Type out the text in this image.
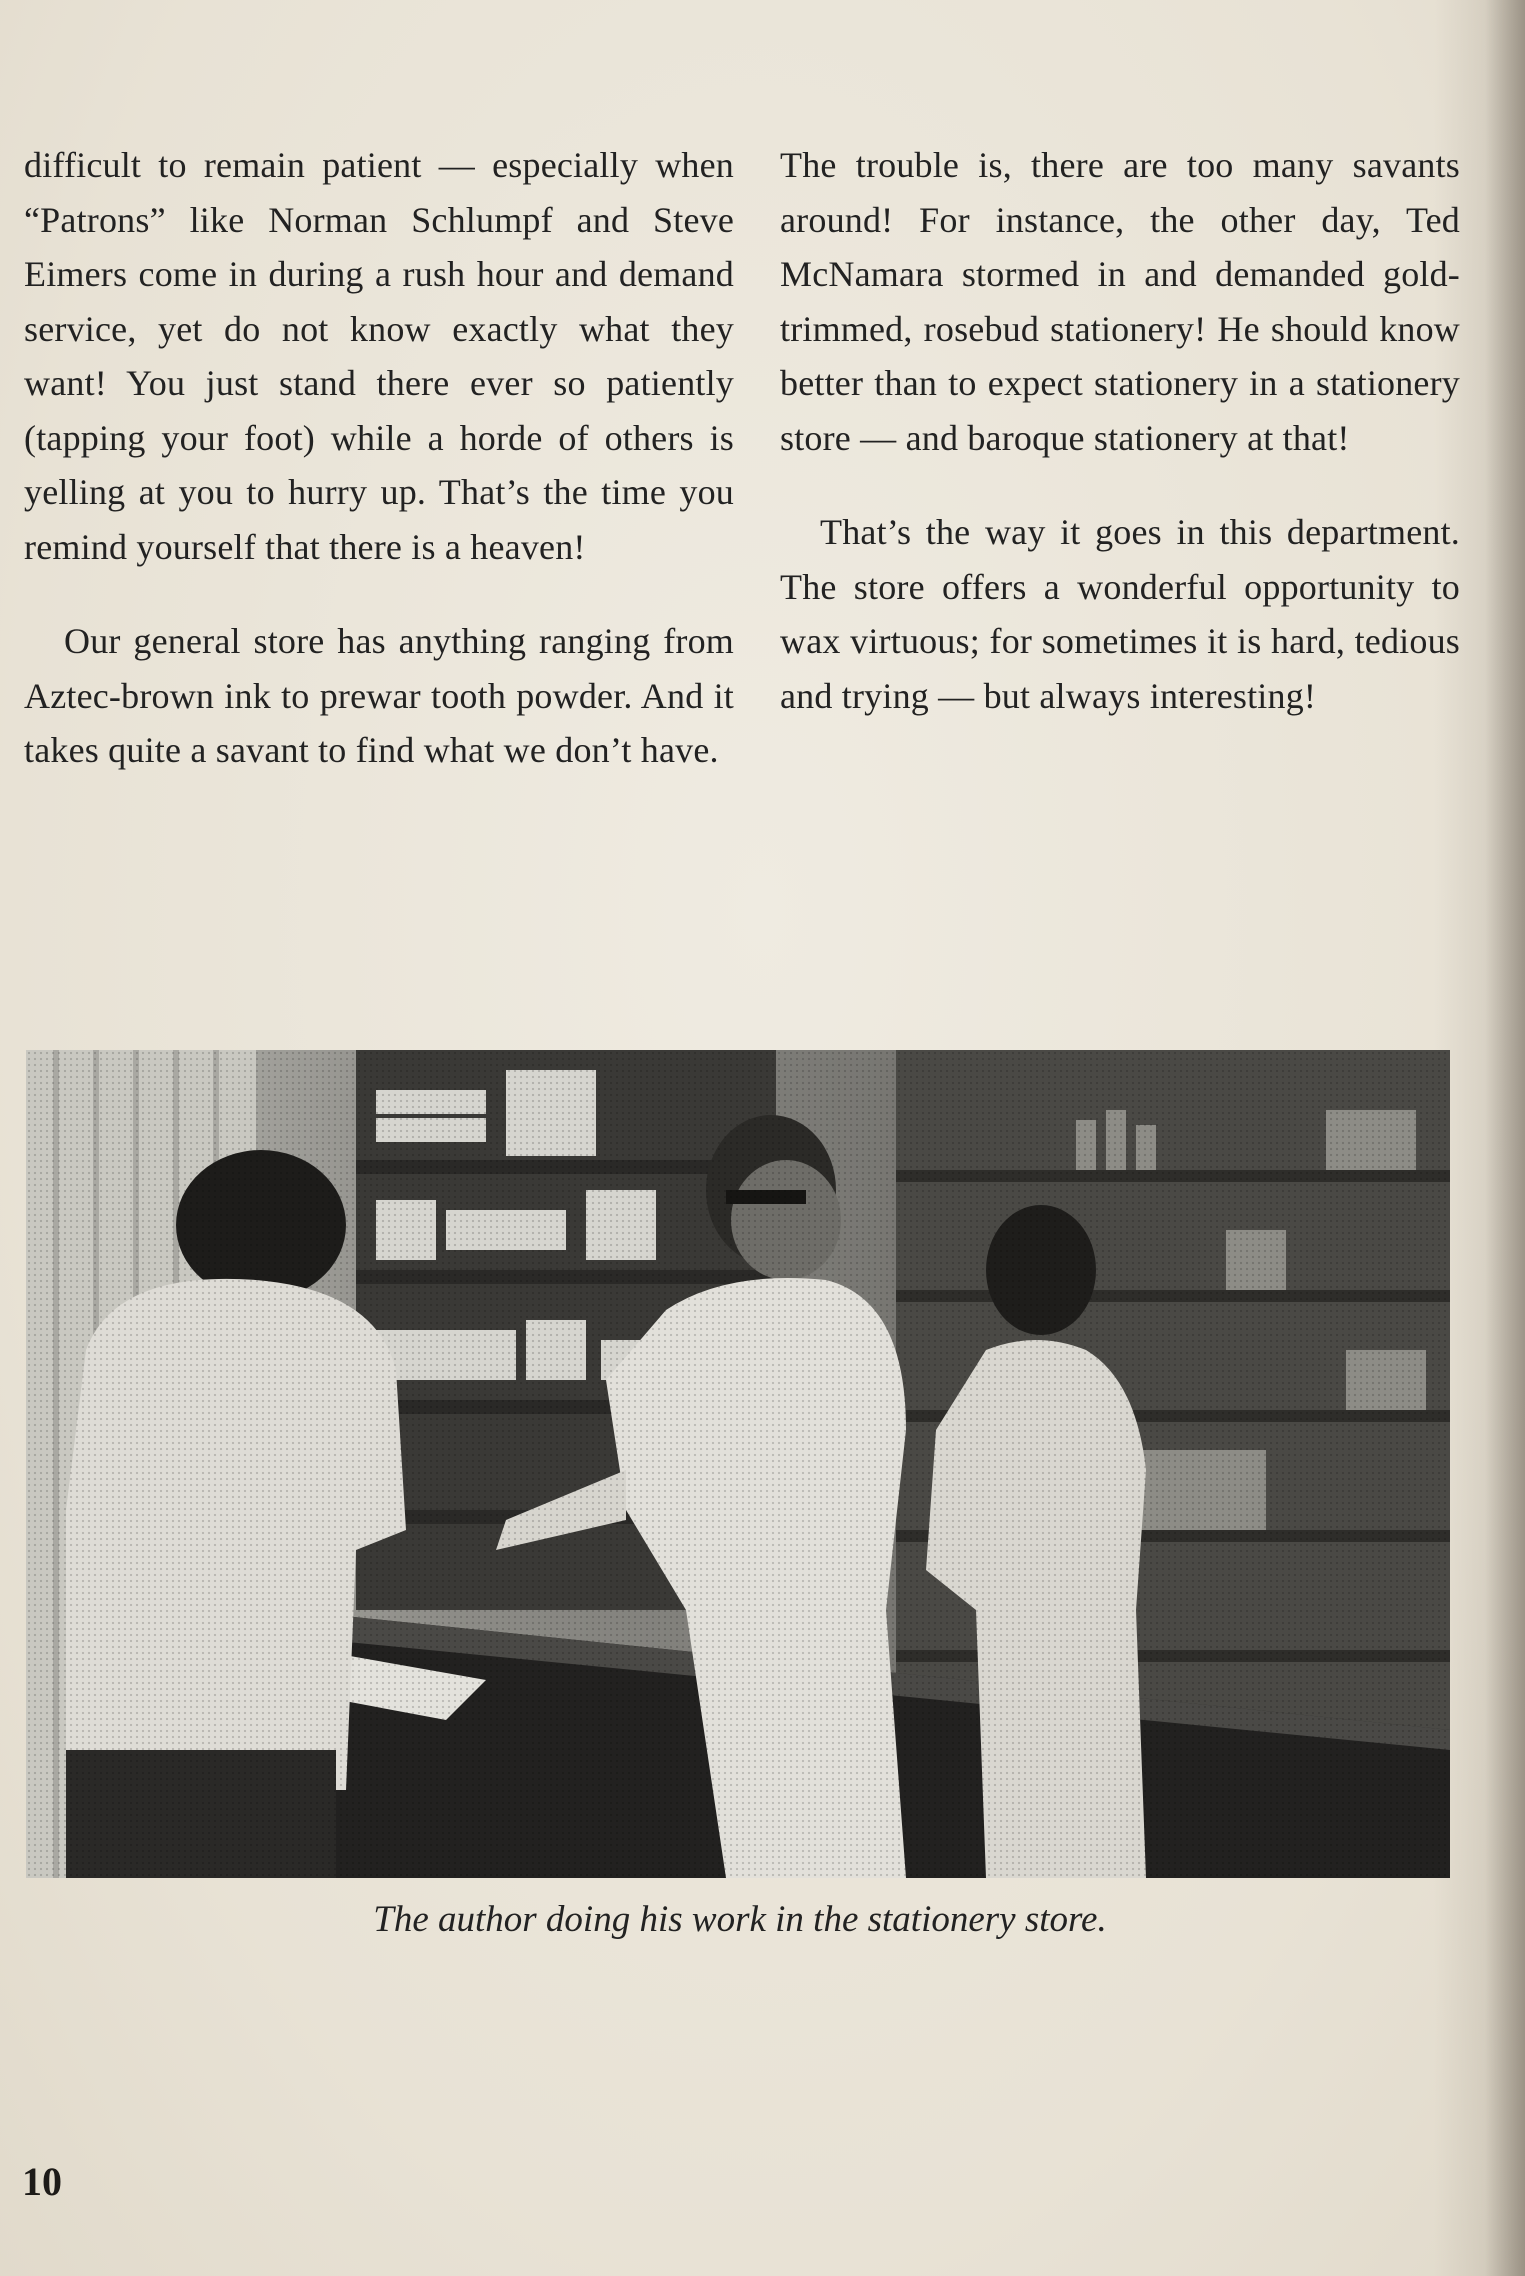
difficult to remain patient — especially when “Patrons” like Norman Schlumpf and Steve Eimers come in during a rush hour and demand service, yet do not know exactly what they want! You just stand there ever so patiently (tapping your foot) while a horde of others is yelling at you to hurry up. That’s the time you remind yourself that there is a heaven!

Our general store has anything ranging from Aztec-brown ink to prewar tooth powder. And it takes quite a savant to find what we don’t have.

The trouble is, there are too many savants around! For instance, the other day, Ted McNamara stormed in and demanded gold-trimmed, rosebud stationery! He should know better than to expect stationery in a stationery store — and baroque stationery at that!

That’s the way it goes in this department. The store offers a wonderful opportunity to wax virtuous; for sometimes it is hard, tedious and trying — but always interesting!

The author doing his work in the stationery store.
10
